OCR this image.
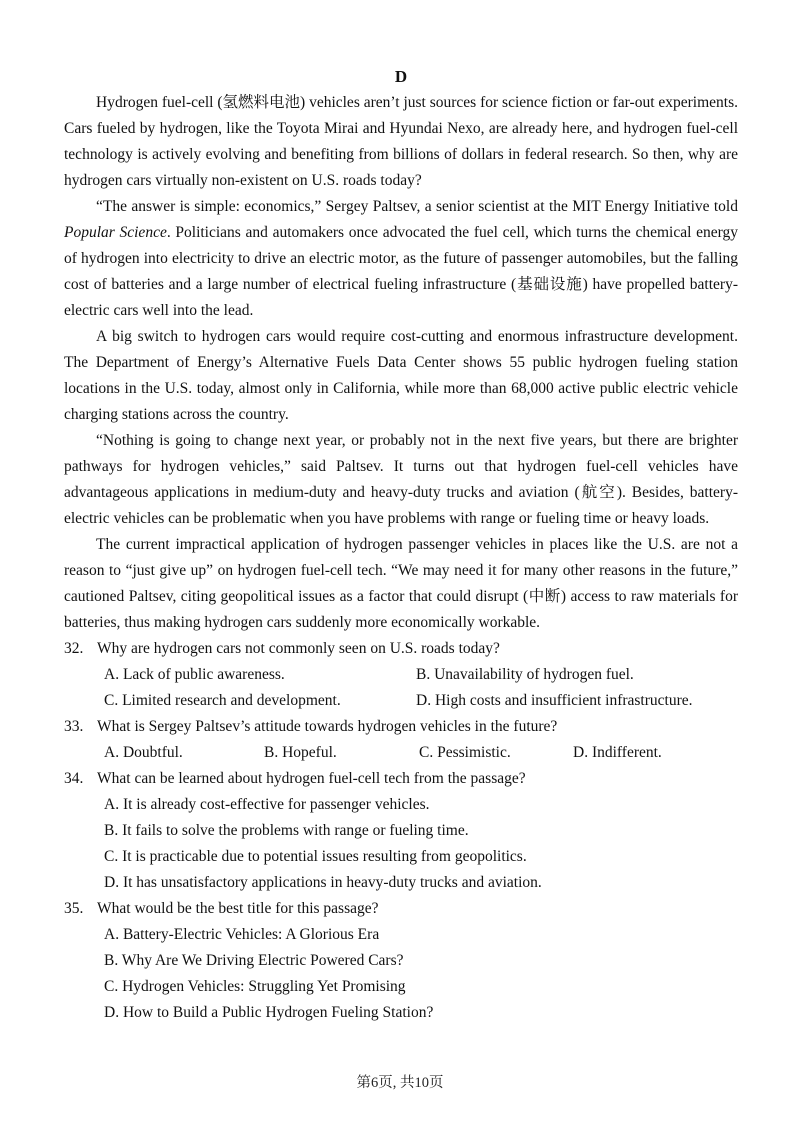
D

Hydrogen fuel-cell (氢燃料电池) vehicles aren’t just sources for science fiction or far-out experiments. Cars fueled by hydrogen, like the Toyota Mirai and Hyundai Nexo, are already here, and hydrogen fuel-cell technology is actively evolving and benefiting from billions of dollars in federal research. So then, why are hydrogen cars virtually non-existent on U.S. roads today?

“The answer is simple: economics,” Sergey Paltsev, a senior scientist at the MIT Energy Initiative told Popular Science. Politicians and automakers once advocated the fuel cell, which turns the chemical energy of hydrogen into electricity to drive an electric motor, as the future of passenger automobiles, but the falling cost of batteries and a large number of electrical fueling infrastructure (基础设施) have propelled battery-electric cars well into the lead.

A big switch to hydrogen cars would require cost-cutting and enormous infrastructure development. The Department of Energy’s Alternative Fuels Data Center shows 55 public hydrogen fueling station locations in the U.S. today, almost only in California, while more than 68,000 active public electric vehicle charging stations across the country.

“Nothing is going to change next year, or probably not in the next five years, but there are brighter pathways for hydrogen vehicles,” said Paltsev. It turns out that hydrogen fuel-cell vehicles have advantageous applications in medium-duty and heavy-duty trucks and aviation (航空). Besides, battery-electric vehicles can be problematic when you have problems with range or fueling time or heavy loads.

The current impractical application of hydrogen passenger vehicles in places like the U.S. are not a reason to “just give up” on hydrogen fuel-cell tech. “We may need it for many other reasons in the future,” cautioned Paltsev, citing geopolitical issues as a factor that could disrupt (中断) access to raw materials for batteries, thus making hydrogen cars suddenly more economically workable.

32. Why are hydrogen cars not commonly seen on U.S. roads today?
A. Lack of public awareness.	B. Unavailability of hydrogen fuel.
C. Limited research and development.	D. High costs and insufficient infrastructure.
33. What is Sergey Paltsev’s attitude towards hydrogen vehicles in the future?
A. Doubtful.	B. Hopeful.	C. Pessimistic.	D. Indifferent.
34. What can be learned about hydrogen fuel-cell tech from the passage?
A. It is already cost-effective for passenger vehicles.
B. It fails to solve the problems with range or fueling time.
C. It is practicable due to potential issues resulting from geopolitics.
D. It has unsatisfactory applications in heavy-duty trucks and aviation.
35. What would be the best title for this passage?
A. Battery-Electric Vehicles: A Glorious Era
B. Why Are We Driving Electric Powered Cars?
C. Hydrogen Vehicles: Struggling Yet Promising
D. How to Build a Public Hydrogen Fueling Station?
第6页, 共10页
